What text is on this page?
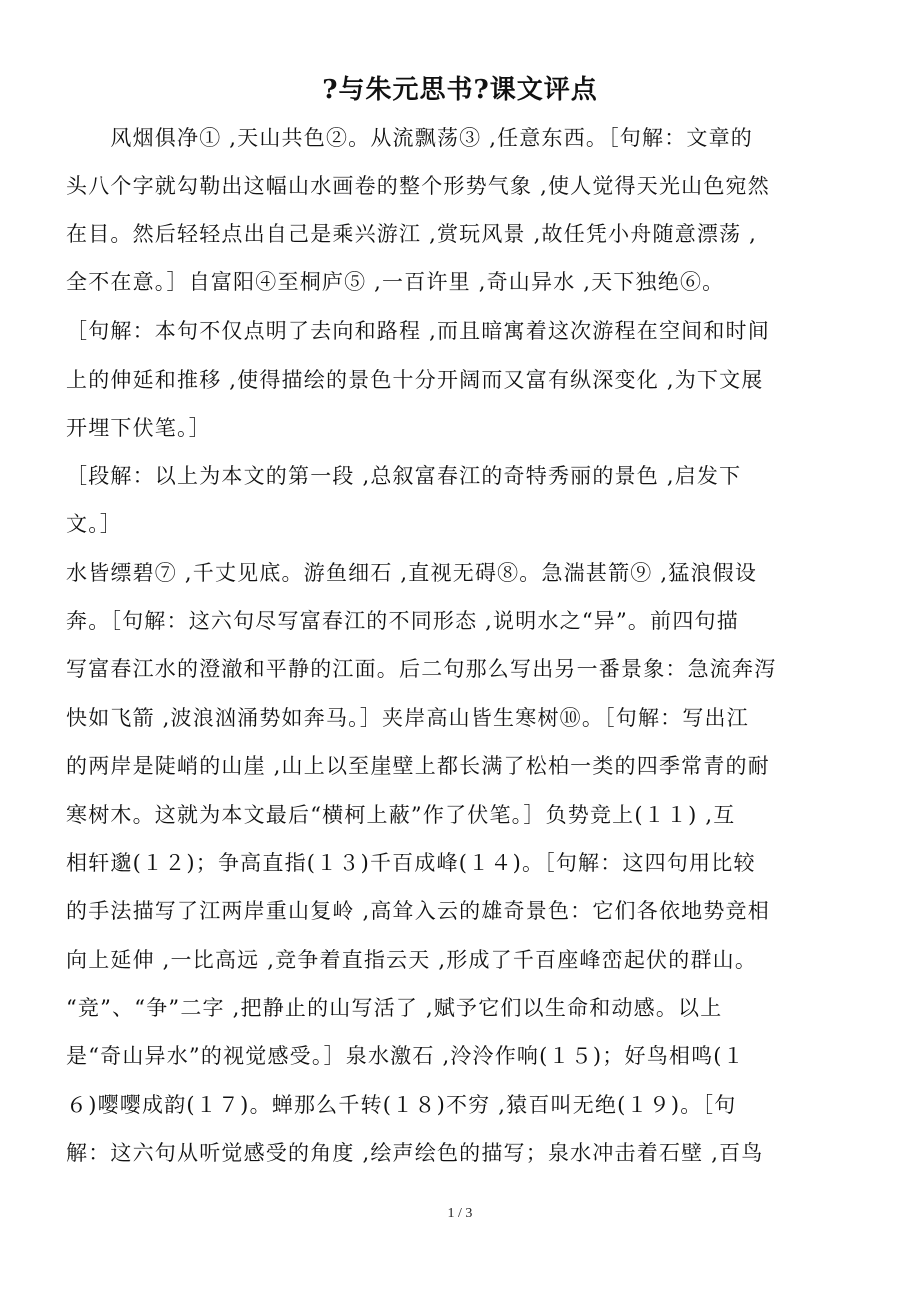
?与朱元思书?课文评点
　　风烟俱净① ,天山共色②。从流飘荡③ ,任意东西。［句解：文章的
头八个字就勾勒出这幅山水画卷的整个形势气象 ,使人觉得天光山色宛然
在目。然后轻轻点出自己是乘兴游江 ,赏玩风景 ,故任凭小舟随意漂荡 ,
全不在意。］自富阳④至桐庐⑤ ,一百许里 ,奇山异水 ,天下独绝⑥。
［句解：本句不仅点明了去向和路程 ,而且暗寓着这次游程在空间和时间
上的伸延和推移 ,使得描绘的景色十分开阔而又富有纵深变化 ,为下文展
开埋下伏笔。］
［段解：以上为本文的第一段 ,总叙富春江的奇特秀丽的景色 ,启发下
文。］
水皆缥碧⑦ ,千丈见底。游鱼细石 ,直视无碍⑧。急湍甚箭⑨ ,猛浪假设
奔。［句解：这六句尽写富春江的不同形态 ,说明水之“异”。前四句描
写富春江水的澄澈和平静的江面。后二句那么写出另一番景象：急流奔泻
快如飞箭 ,波浪汹涌势如奔马。］夹岸高山皆生寒树⑩。［句解：写出江
的两岸是陡峭的山崖 ,山上以至崖壁上都长满了松柏一类的四季常青的耐
寒树木。这就为本文最后“横柯上蔽”作了伏笔。］负势竞上(１１) ,互
相轩邈(１２)；争高直指(１３)千百成峰(１４)。［句解：这四句用比较
的手法描写了江两岸重山复岭 ,高耸入云的雄奇景色：它们各依地势竞相
向上延伸 ,一比高远 ,竞争着直指云天 ,形成了千百座峰峦起伏的群山。
“竞”、“争”二字 ,把静止的山写活了 ,赋予它们以生命和动感。以上
是“奇山异水”的视觉感受。］泉水激石 ,泠泠作响(１５)；好鸟相鸣(１
６)嘤嘤成韵(１７)。蝉那么千转(１８)不穷 ,猿百叫无绝(１９)。［句
解：这六句从听觉感受的角度 ,绘声绘色的描写；泉水冲击着石壁 ,百鸟
1 / 3
